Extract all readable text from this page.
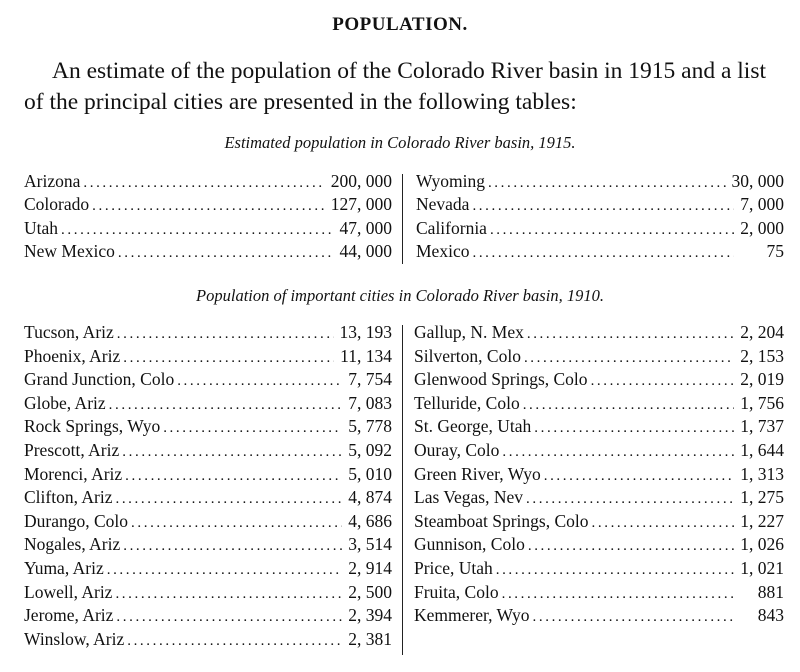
POPULATION.
An estimate of the population of the Colorado River basin in 1915 and a list of the principal cities are presented in the following tables:
Estimated population in Colorado River basin, 1915.
Arizona .....	200, 000
Colorado .....	127, 000
Utah .....	47, 000
New Mexico .....	44, 000
Wyoming .....	30, 000
Nevada .....	7, 000
California .....	2, 000
Mexico .....	75
Population of important cities in Colorado River basin, 1910.
Tucson, Ariz .....	13, 193
Phoenix, Ariz .....	11, 134
Grand Junction, Colo .....	7, 754
Globe, Ariz .....	7, 083
Rock Springs, Wyo .....	5, 778
Prescott, Ariz .....	5, 092
Morenci, Ariz .....	5, 010
Clifton, Ariz .....	4, 874
Durango, Colo .....	4, 686
Nogales, Ariz .....	3, 514
Yuma, Ariz .....	2, 914
Lowell, Ariz .....	2, 500
Jerome, Ariz .....	2, 394
Winslow, Ariz .....	2, 381
Gallup, N. Mex .....	2, 204
Silverton, Colo .....	2, 153
Glenwood Springs, Colo .....	2, 019
Telluride, Colo .....	1, 756
St. George, Utah .....	1, 737
Ouray, Colo .....	1, 644
Green River, Wyo .....	1, 313
Las Vegas, Nev .....	1, 275
Steamboat Springs, Colo .....	1, 227
Gunnison, Colo .....	1, 026
Price, Utah .....	1, 021
Fruita, Colo .....	881
Kemmerer, Wyo .....	843
